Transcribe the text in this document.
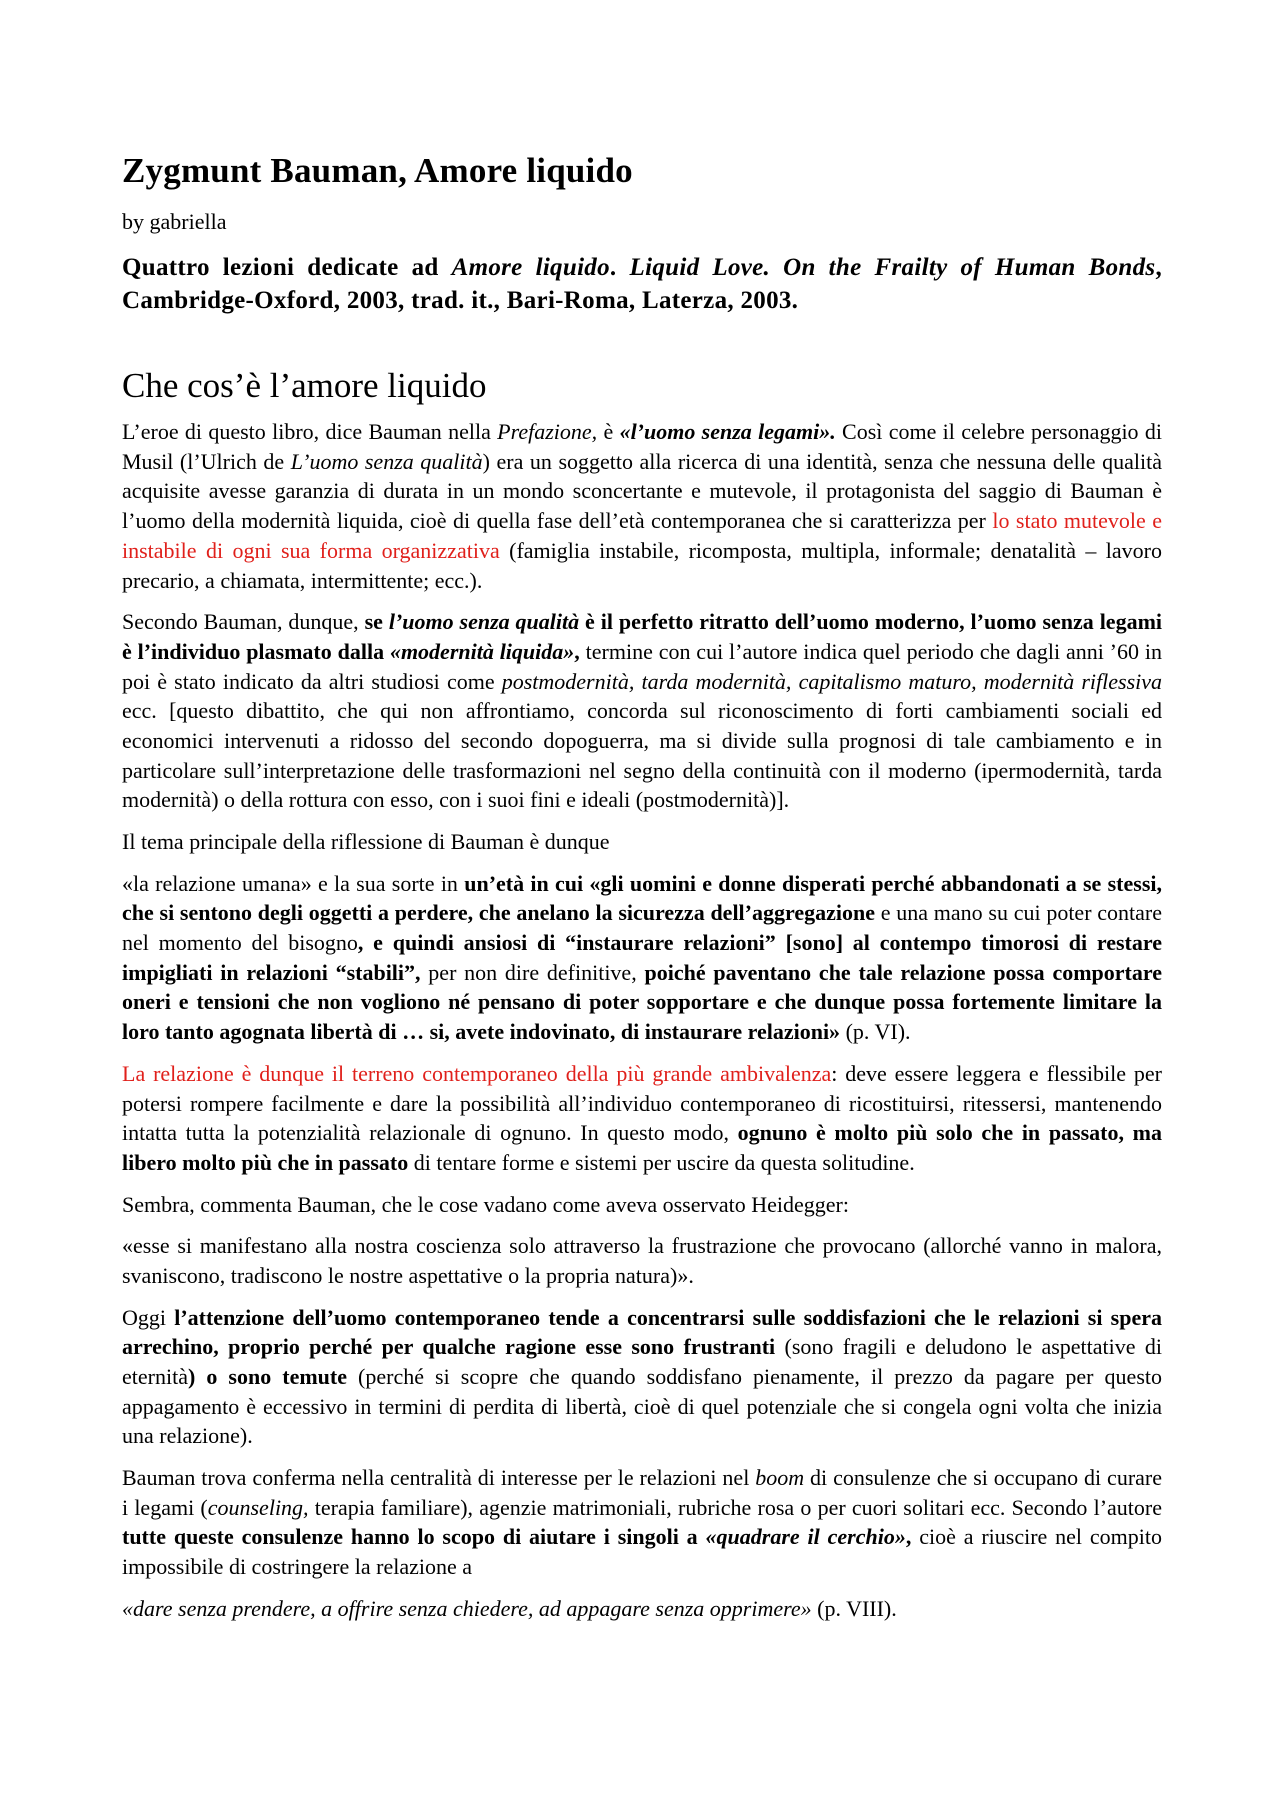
Zygmunt Bauman, Amore liquido
by gabriella
Quattro lezioni dedicate ad Amore liquido. Liquid Love. On the Frailty of Human Bonds, Cambridge-Oxford, 2003, trad. it., Bari-Roma, Laterza, 2003.
Che cos’è l’amore liquido

L’eroe di questo libro, dice Bauman nella Prefazione, è «l’uomo senza legami». Così come il celebre personaggio di Musil (l’Ulrich de L’uomo senza qualità) era un soggetto alla ricerca di una identità, senza che nessuna delle qualità acquisite avesse garanzia di durata in un mondo sconcertante e mutevole, il protagonista del saggio di Bauman è l’uomo della modernità liquida, cioè di quella fase dell’età contemporanea che si caratterizza per lo stato mutevole e instabile di ogni sua forma organizzativa (famiglia instabile, ricomposta, multipla, informale; denatalità – lavoro precario, a chiamata, intermittente; ecc.).

Secondo Bauman, dunque, se l’uomo senza qualità è il perfetto ritratto dell’uomo moderno, l’uomo senza legami è l’individuo plasmato dalla «modernità liquida», termine con cui l’autore indica quel periodo che dagli anni ’60 in poi è stato indicato da altri studiosi come postmodernità, tarda modernità, capitalismo maturo, modernità riflessiva ecc. [questo dibattito, che qui non affrontiamo, concorda sul riconoscimento di forti cambiamenti sociali ed economici intervenuti a ridosso del secondo dopoguerra, ma si divide sulla prognosi di tale cambiamento e in particolare sull’interpretazione delle trasformazioni nel segno della continuità con il moderno (ipermodernità, tarda modernità) o della rottura con esso, con i suoi fini e ideali (postmodernità)].

Il tema principale della riflessione di Bauman è dunque

«la relazione umana» e la sua sorte in un’età in cui «gli uomini e donne disperati perché abbandonati a se stessi, che si sentono degli oggetti a perdere, che anelano la sicurezza dell’aggregazione e una mano su cui poter contare nel momento del bisogno, e quindi ansiosi di “instaurare relazioni” [sono] al contempo timorosi di restare impigliati in relazioni “stabili”, per non dire definitive, poiché paventano che tale relazione possa comportare oneri e tensioni che non vogliono né pensano di poter sopportare e che dunque possa fortemente limitare la loro tanto agognata libertà di … si, avete indovinato, di instaurare relazioni» (p. VI).

La relazione è dunque il terreno contemporaneo della più grande ambivalenza: deve essere leggera e flessibile per potersi rompere facilmente e dare la possibilità all’individuo contemporaneo di ricostituirsi, ritessersi, mantenendo intatta tutta la potenzialità relazionale di ognuno. In questo modo, ognuno è molto più solo che in passato, ma libero molto più che in passato di tentare forme e sistemi per uscire da questa solitudine.

Sembra, commenta Bauman, che le cose vadano come aveva osservato Heidegger:

«esse si manifestano alla nostra coscienza solo attraverso la frustrazione che provocano (allorché vanno in malora, svaniscono, tradiscono le nostre aspettative o la propria natura)».

Oggi l’attenzione dell’uomo contemporaneo tende a concentrarsi sulle soddisfazioni che le relazioni si spera arrechino, proprio perché per qualche ragione esse sono frustranti (sono fragili e deludono le aspettative di eternità) o sono temute (perché si scopre che quando soddisfano pienamente, il prezzo da pagare per questo appagamento è eccessivo in termini di perdita di libertà, cioè di quel potenziale che si congela ogni volta che inizia una relazione).

Bauman trova conferma nella centralità di interesse per le relazioni nel boom di consulenze che si occupano di curare i legami (counseling, terapia familiare), agenzie matrimoniali, rubriche rosa o per cuori solitari ecc. Secondo l’autore tutte queste consulenze hanno lo scopo di aiutare i singoli a «quadrare il cerchio», cioè a riuscire nel compito impossibile di costringere la relazione a

«dare senza prendere, a offrire senza chiedere, ad appagare senza opprimere» (p. VIII).
